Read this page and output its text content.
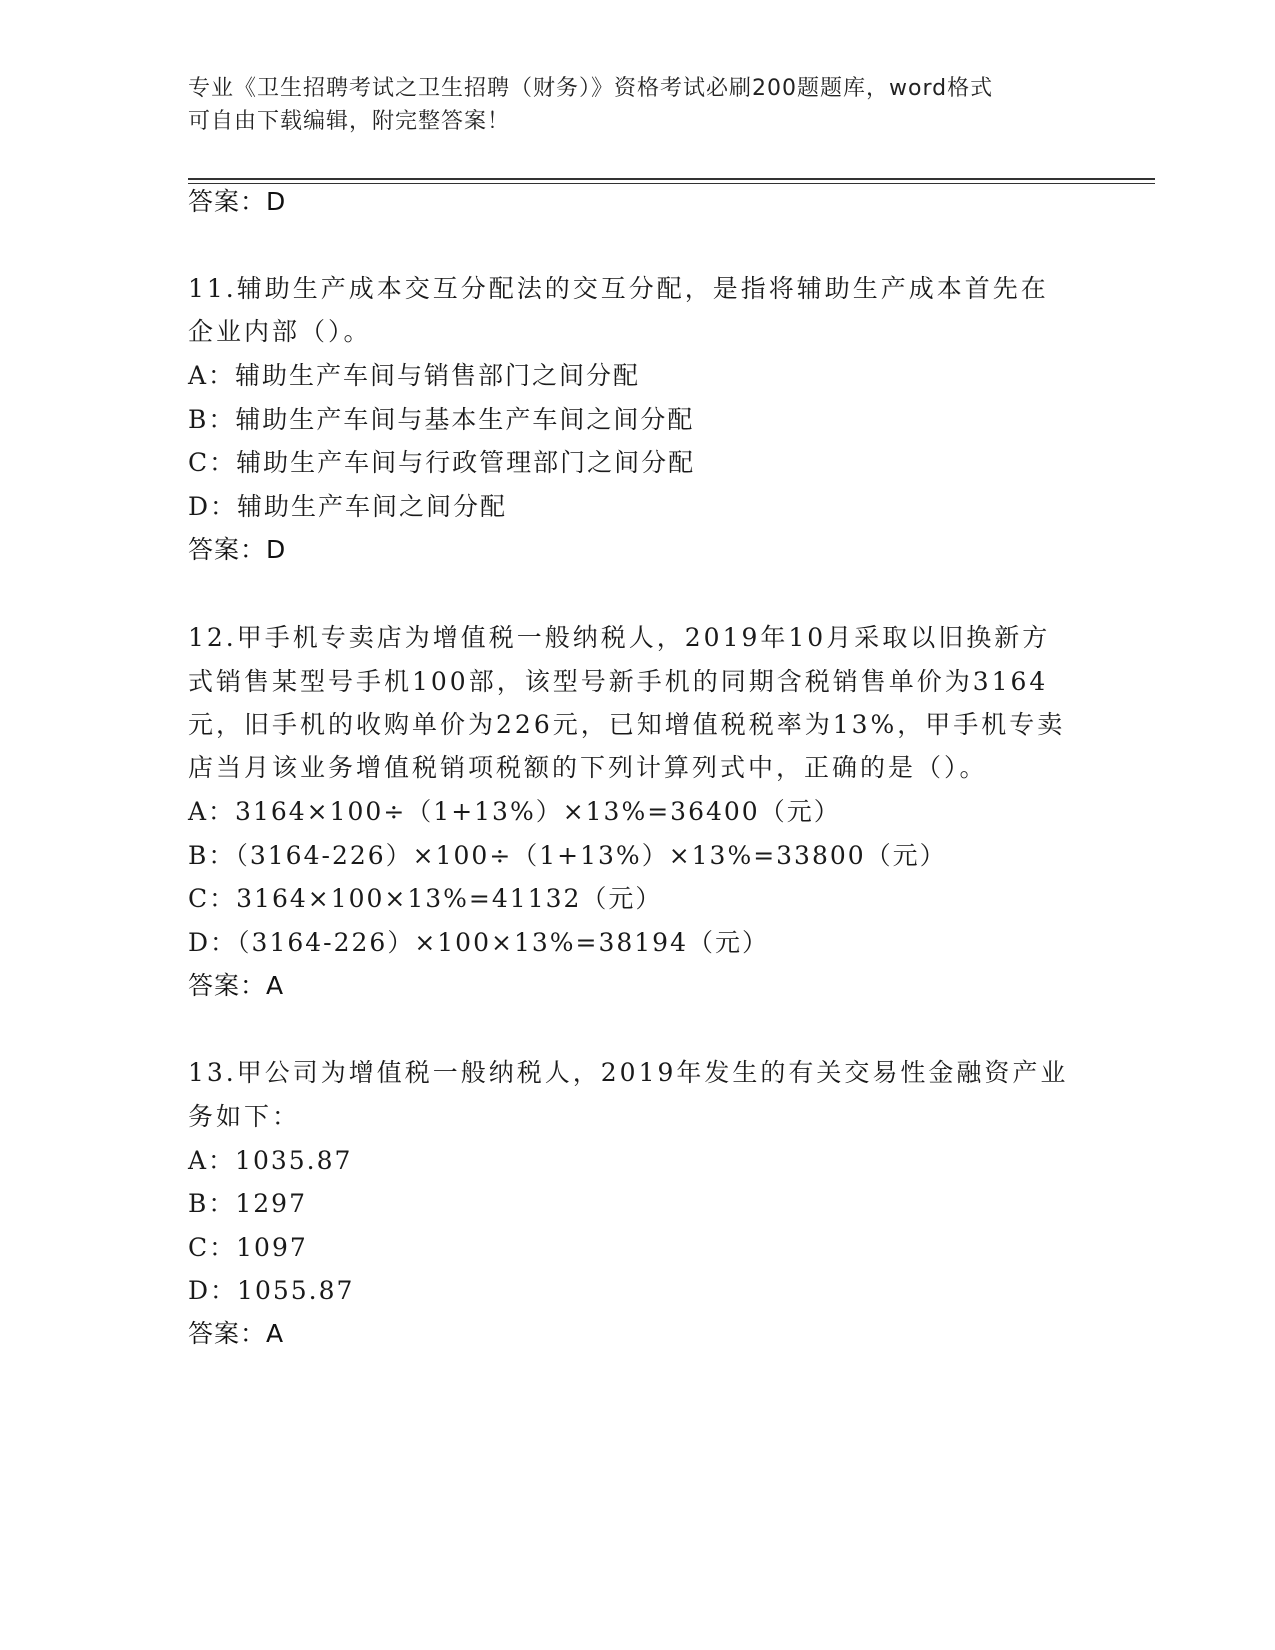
专业《卫生招聘考试之卫生招聘（财务）》资格考试必刷200题题库，word格式
可自由下载编辑，附完整答案！
答案：D
11.辅助生产成本交互分配法的交互分配，是指将辅助生产成本首先在
企业内部（）。
A：辅助生产车间与销售部门之间分配
B：辅助生产车间与基本生产车间之间分配
C：辅助生产车间与行政管理部门之间分配
D：辅助生产车间之间分配
答案：D
12.甲手机专卖店为增值税一般纳税人，2019年10月采取以旧换新方
式销售某型号手机100部，该型号新手机的同期含税销售单价为3164
元，旧手机的收购单价为226元，已知增值税税率为13%，甲手机专卖
店当月该业务增值税销项税额的下列计算列式中，正确的是（）。
A：3164×100÷（1+13%）×13%=36400（元）
B：（3164-226）×100÷（1+13%）×13%=33800（元）
C：3164×100×13%=41132（元）
D：（3164-226）×100×13%=38194（元）
答案：A
13.甲公司为增值税一般纳税人，2019年发生的有关交易性金融资产业
务如下：
A：1035.87
B：1297
C：1097
D：1055.87
答案：A
